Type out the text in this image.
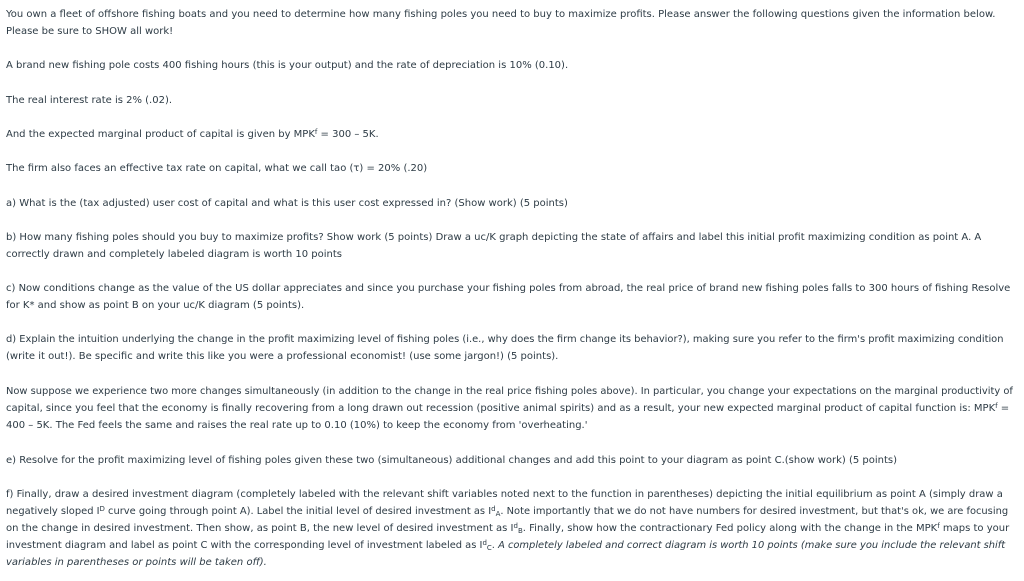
You own a fleet of offshore fishing boats and you need to determine how many fishing poles you need to buy to maximize profits. Please answer the following questions given the information below.

Please be sure to SHOW all work!

A brand new fishing pole costs 400 fishing hours (this is your output) and the rate of depreciation is 10% (0.10).

The real interest rate is 2% (.02).

And the expected marginal product of capital is given by $MPK^f = 300 - 5K$.

The firm also faces an effective tax rate on capital, what we call tao (τ) = 20% (.20)

a) What is the (tax adjusted) user cost of capital and what is this user cost expressed in? (Show work) (5 points)

b) How many fishing poles should you buy to maximize profits? Show work (5 points) Draw a uc/K graph depicting the state of affairs and label this initial profit maximizing condition as point A. A

correctly drawn and completely labeled diagram is worth 10 points

c) Now conditions change as the value of the US dollar appreciates and since you purchase your fishing poles from abroad, the real price of brand new fishing poles falls to 300 hours of fishing Resolve

for K* and show as point B on your uc/K diagram (5 points).

d) Explain the intuition underlying the change in the profit maximizing level of fishing poles (i.e., why does the firm change its behavior?), making sure you refer to the firm's profit maximizing condition

(write it out!). Be specific and write this like you were a professional economist! (use some jargon!) (5 points).

Now suppose we experience two more changes simultaneously (in addition to the change in the real price fishing poles above). In particular, you change your expectations on the marginal productivity of

capital, since you feel that the economy is finally recovering from a long drawn out recession (positive animal spirits) and as a result, your new expected marginal product of capital function is: $MPK^f$ =

400 – 5K. The Fed feels the same and raises the real rate up to 0.10 (10%) to keep the economy from 'overheating.'

e) Resolve for the profit maximizing level of fishing poles given these two (simultaneous) additional changes and add this point to your diagram as point C.(show work) (5 points)

f) Finally, draw a desired investment diagram (completely labeled with the relevant shift variables noted next to the function in parentheses) depicting the initial equilibrium as point A (simply draw a

negatively sloped $I^D$ curve going through point A). Label the initial level of desired investment as $I^d_A$. Note importantly that we do not have numbers for desired investment, but that's ok, we are focusing

on the change in desired investment. Then show, as point B, the new level of desired investment as $I^d_B$. Finally, show how the contractionary Fed policy along with the change in the MPK$^f$ maps to your

investment diagram and label as point C with the corresponding level of investment labeled as $I^d_C$. A completely labeled and correct diagram is worth 10 points (make sure you include the relevant shift

variables in parentheses or points will be taken off).
